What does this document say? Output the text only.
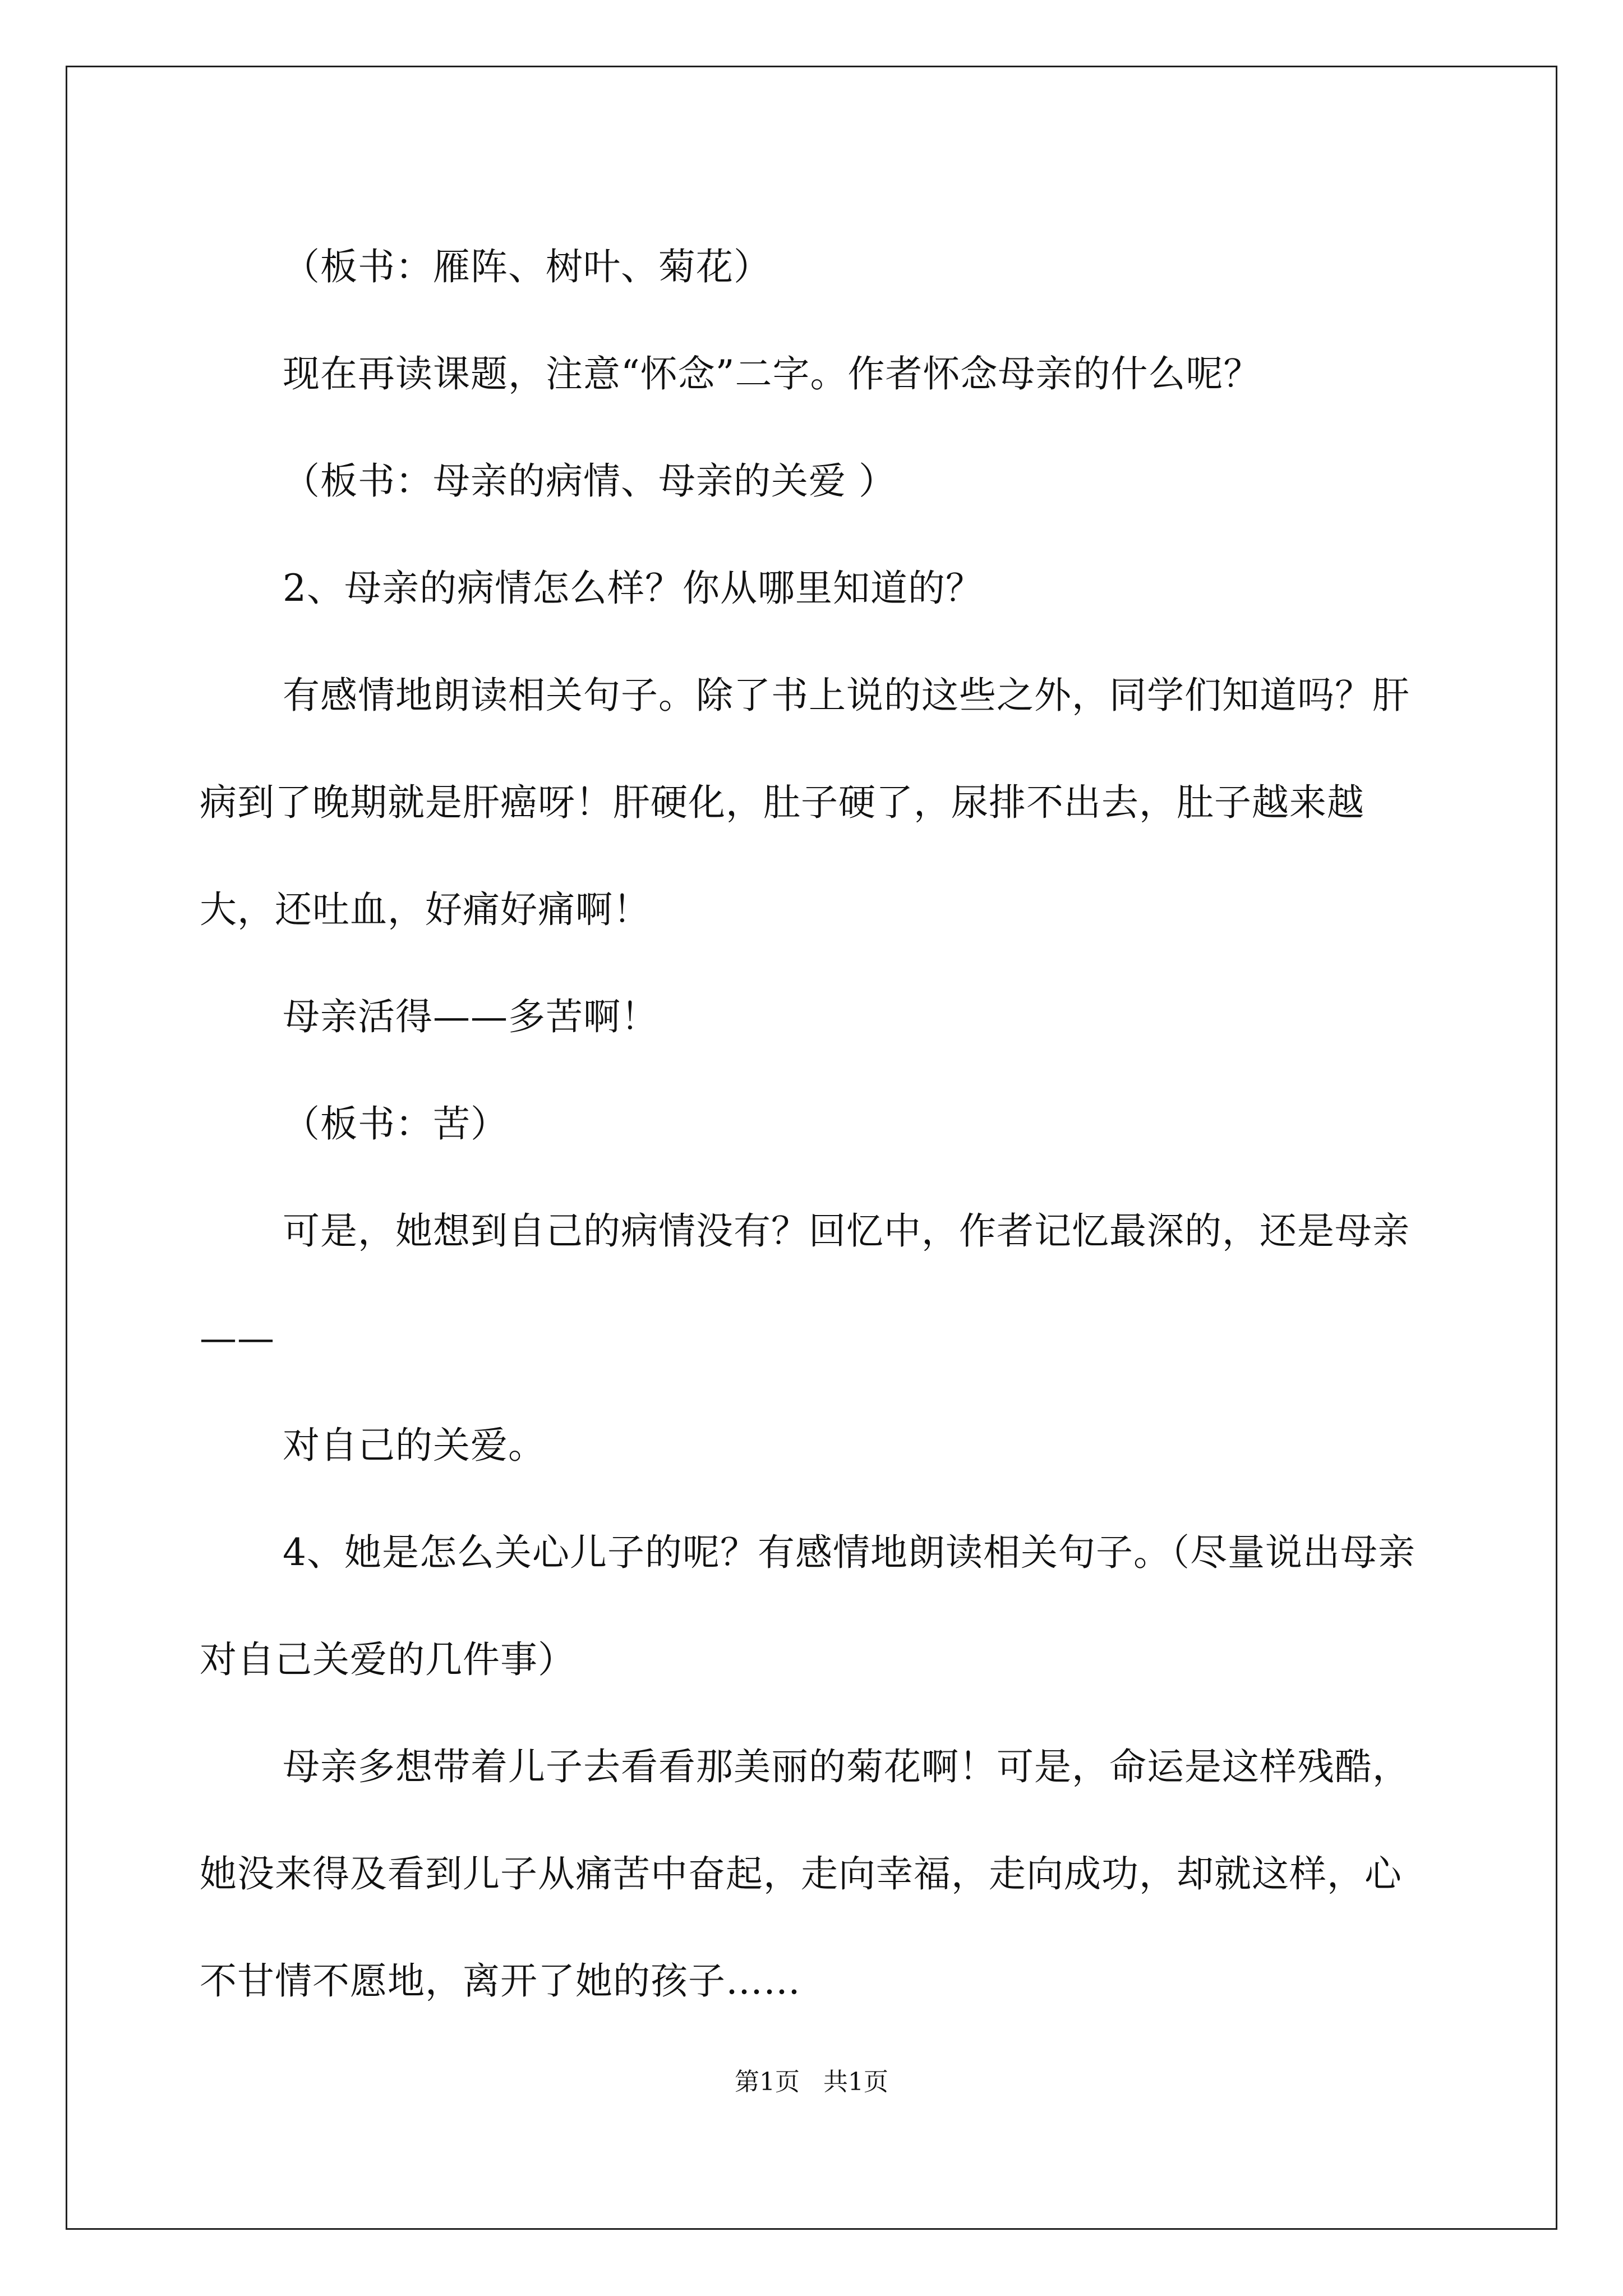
（板书：雁阵、树叶、菊花）

现在再读课题，注意“怀念”二字。作者怀念母亲的什么呢？

（板书：母亲的病情、母亲的关爱 ）

2、母亲的病情怎么样？你从哪里知道的？

有感情地朗读相关句子。除了书上说的这些之外，同学们知道吗？肝病到了晚期就是肝癌呀！肝硬化，肚子硬了，尿排不出去，肚子越来越大，还吐血，好痛好痛啊！

母亲活得——多苦啊！

（板书：苦）

可是，她想到自己的病情没有？回忆中，作者记忆最深的，还是母亲——

对自己的关爱。

4、她是怎么关心儿子的呢？有感情地朗读相关句子。（尽量说出母亲对自己关爱的几件事）

母亲多想带着儿子去看看那美丽的菊花啊！可是，命运是这样残酷，她没来得及看到儿子从痛苦中奋起，走向幸福，走向成功，却就这样，心不甘情不愿地，离开了她的孩子……

第1页 共1页
